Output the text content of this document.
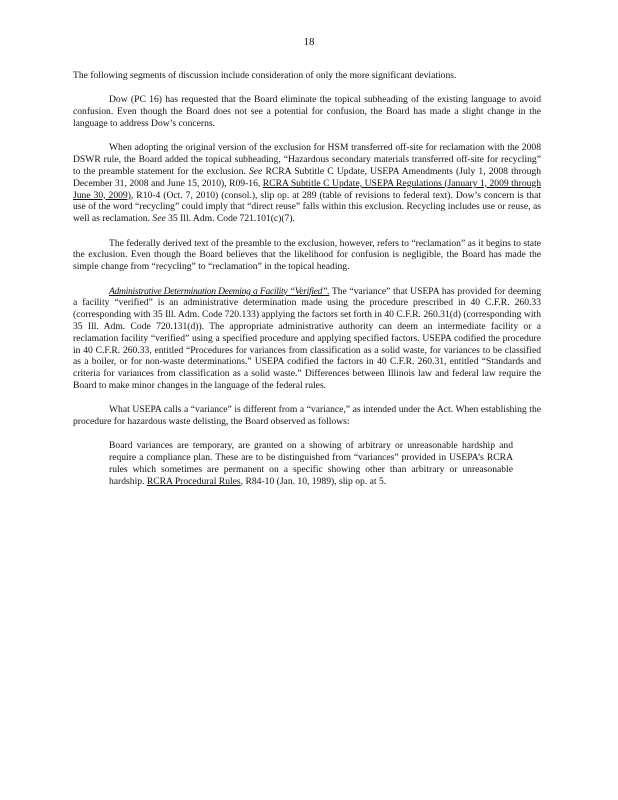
18

The following segments of discussion include consideration of only the more significant deviations.

Dow (PC 16) has requested that the Board eliminate the topical subheading of the existing language to avoid confusion. Even though the Board does not see a potential for confusion, the Board has made a slight change in the language to address Dow’s concerns.

When adopting the original version of the exclusion for HSM transferred off-site for reclamation with the 2008 DSWR rule, the Board added the topical subheading, “Hazardous secondary materials transferred off-site for recycling” to the preamble statement for the exclusion. See RCRA Subtitle C Update, USEPA Amendments (July 1, 2008 through December 31, 2008 and June 15, 2010), R09-16, RCRA Subtitle C Update, USEPA Regulations (January 1, 2009 through June 30, 2009), R10-4 (Oct. 7, 2010) (consol.), slip op. at 289 (table of revisions to federal text). Dow’s concern is that use of the word “recycling” could imply that “direct reuse” falls within this exclusion. Recycling includes use or reuse, as well as reclamation. See 35 Ill. Adm. Code 721.101(c)(7).

The federally derived text of the preamble to the exclusion, however, refers to “reclamation” as it begins to state the exclusion. Even though the Board believes that the likelihood for confusion is negligible, the Board has made the simple change from “recycling” to “reclamation” in the topical heading.

Administrative Determination Deeming a Facility “Verified”. The “variance” that USEPA has provided for deeming a facility “verified” is an administrative determination made using the procedure prescribed in 40 C.F.R. 260.33 (corresponding with 35 Ill. Adm. Code 720.133) applying the factors set forth in 40 C.F.R. 260.31(d) (corresponding with 35 Ill. Adm. Code 720.131(d)). The appropriate administrative authority can deem an intermediate facility or a reclamation facility “verified” using a specified procedure and applying specified factors. USEPA codified the procedure in 40 C.F.R. 260.33, entitled “Procedures for variances from classification as a solid waste, for variances to be classified as a boiler, or for non-waste determinations.” USEPA codified the factors in 40 C.F.R. 260.31, entitled “Standards and criteria for variances from classification as a solid waste.” Differences between Illinois law and federal law require the Board to make minor changes in the language of the federal rules.

What USEPA calls a “variance” is different from a “variance,” as intended under the Act. When establishing the procedure for hazardous waste delisting, the Board observed as follows:

Board variances are temporary, are granted on a showing of arbitrary or unreasonable hardship and require a compliance plan. These are to be distinguished from “variances” provided in USEPA’s RCRA rules which sometimes are permanent on a specific showing other than arbitrary or unreasonable hardship. RCRA Procedural Rules, R84-10 (Jan. 10, 1989), slip op. at 5.
